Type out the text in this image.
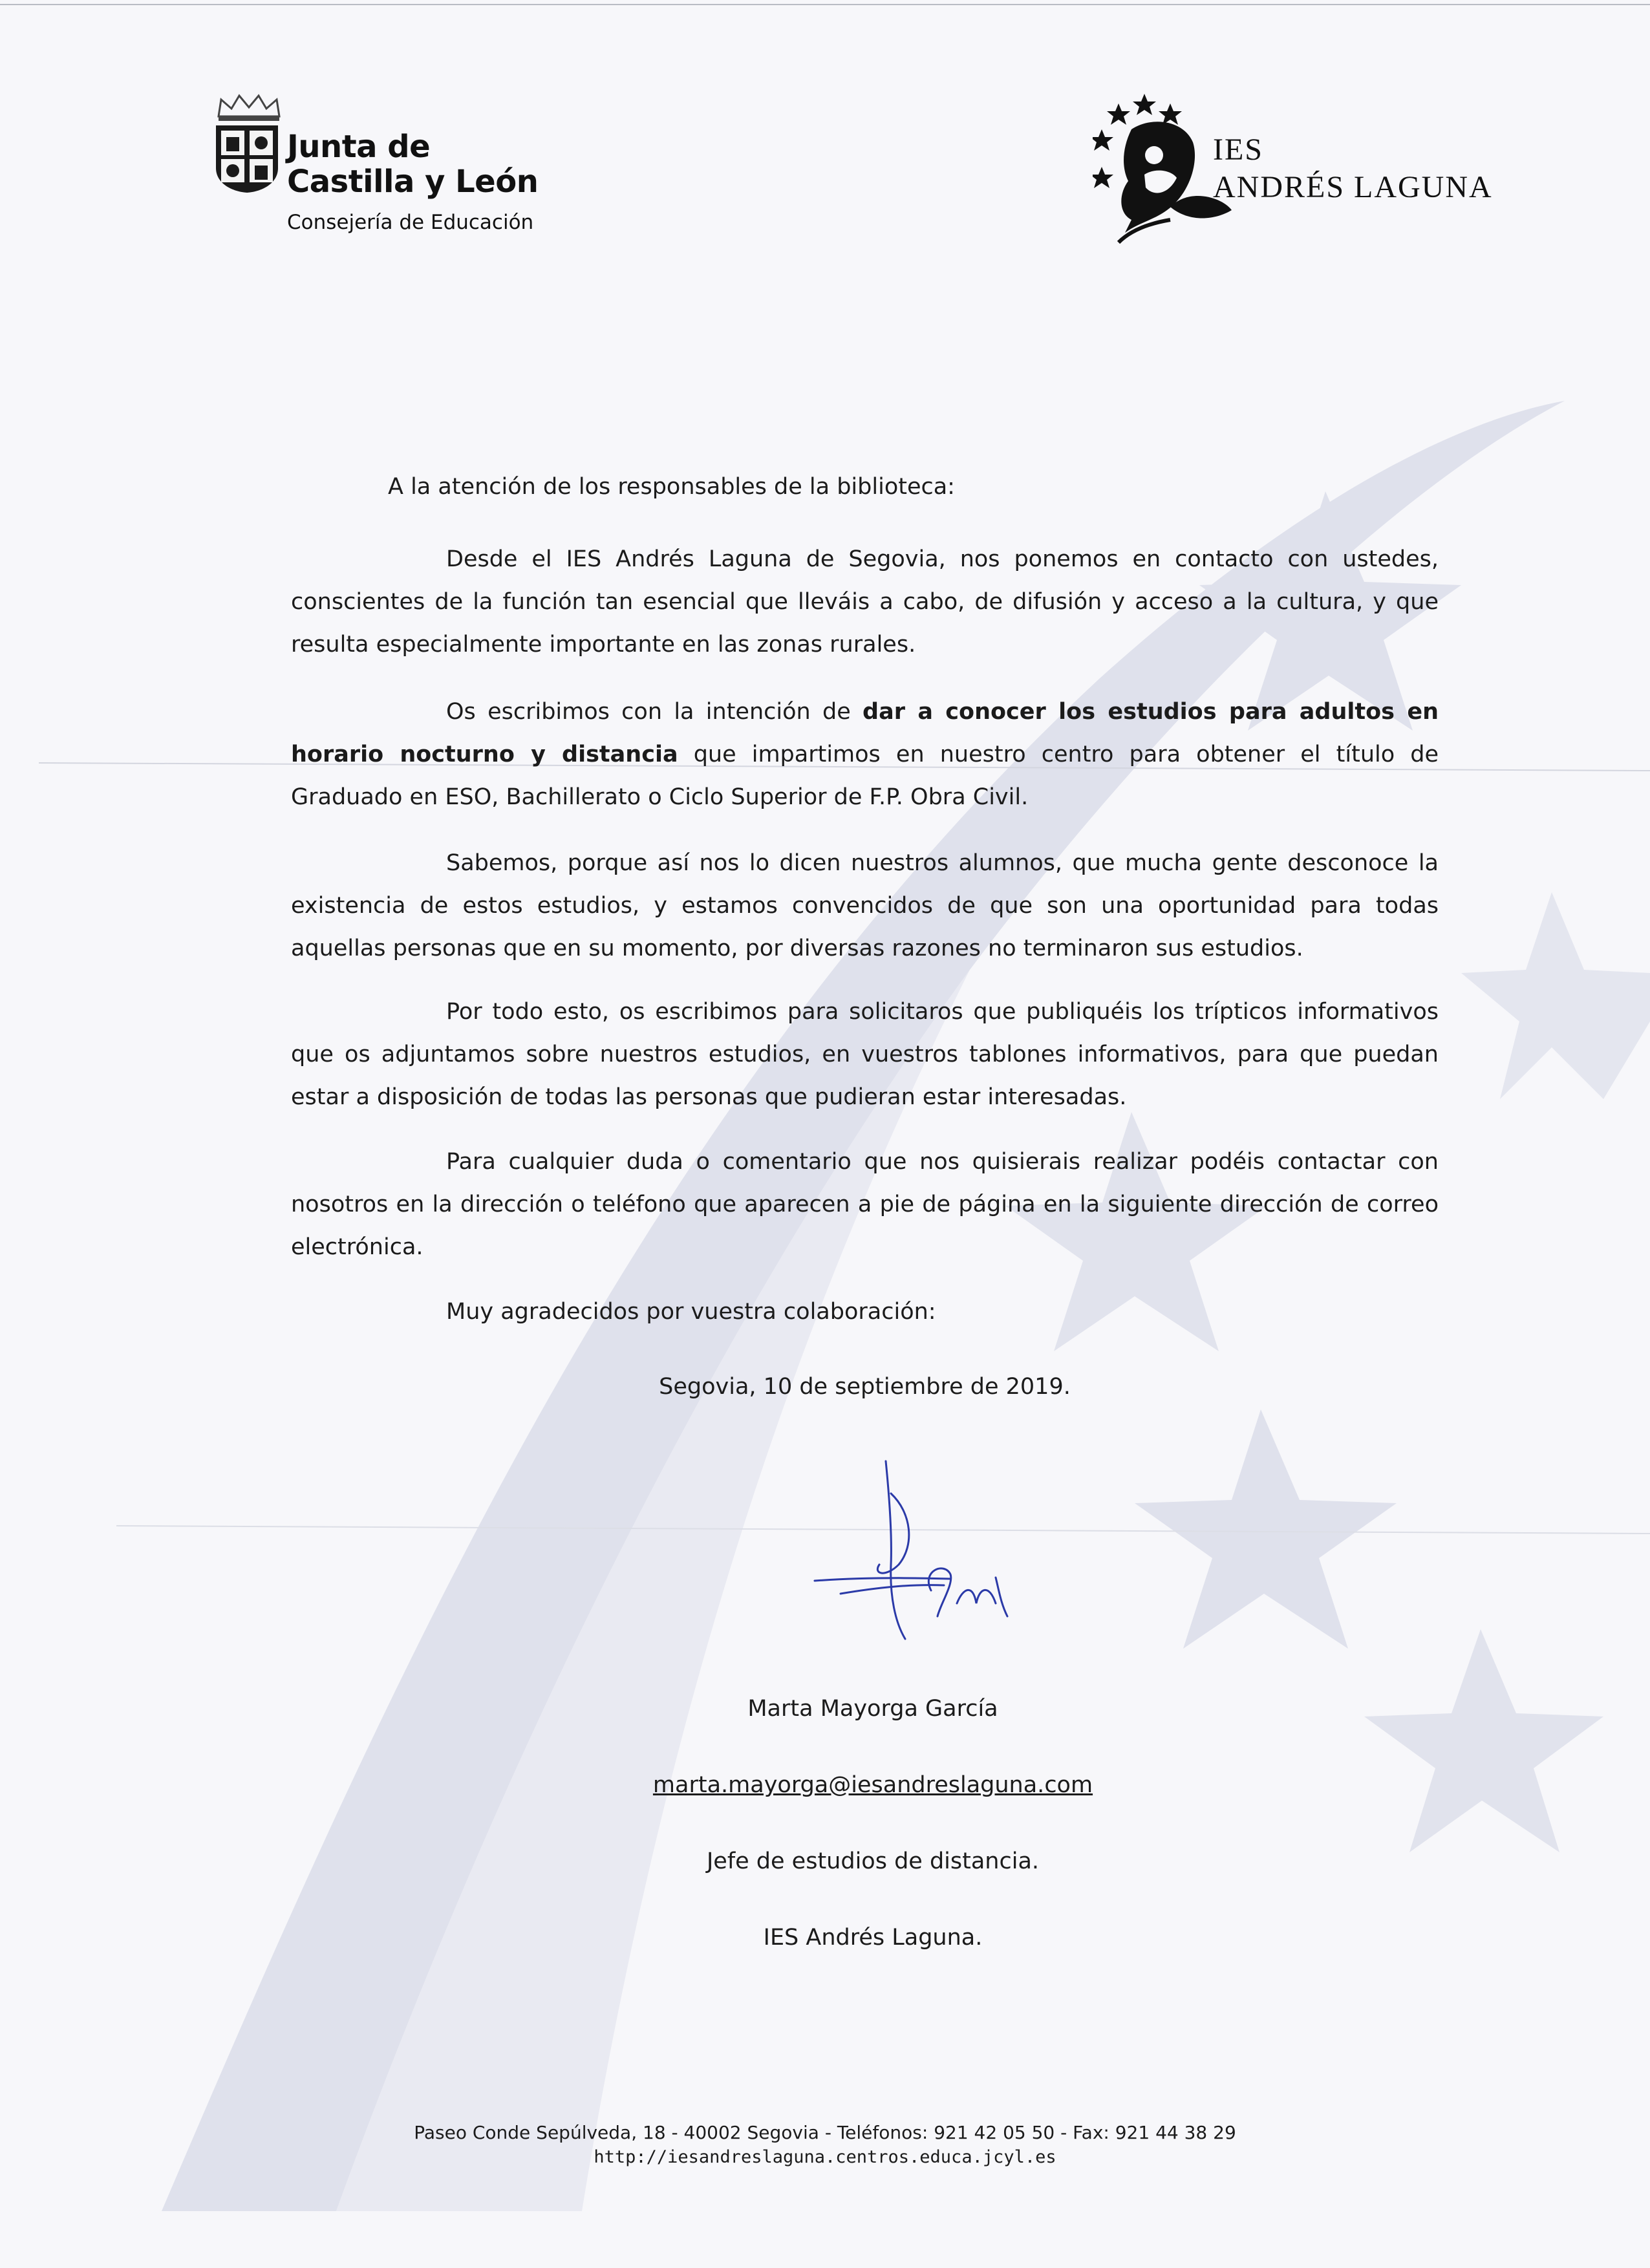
Junta de
Castilla y León
Consejería de Educación
IES
ANDRÉS LAGUNA

A la atención de los responsables de la biblioteca:

Desde el IES Andrés Laguna de Segovia, nos ponemos en contacto con ustedes, conscientes de la función tan esencial que lleváis a cabo, de difusión y acceso a la cultura, y que resulta especialmente importante en las zonas rurales.

Os escribimos con la intención de dar a conocer los estudios para adultos en horario nocturno y distancia que impartimos en nuestro centro para obtener el título de Graduado en ESO, Bachillerato o Ciclo Superior de F.P. Obra Civil.

Sabemos, porque así nos lo dicen nuestros alumnos, que mucha gente desconoce la existencia de estos estudios, y estamos convencidos de que son una oportunidad para todas aquellas personas que en su momento, por diversas razones no terminaron sus estudios.

Por todo esto, os escribimos para solicitaros que publiquéis los trípticos informativos que os adjuntamos sobre nuestros estudios, en vuestros tablones informativos, para que puedan estar a disposición de todas las personas que pudieran estar interesadas.

Para cualquier duda o comentario que nos quisierais realizar podéis contactar con nosotros en la dirección o teléfono que aparecen a pie de página en la siguiente dirección de correo electrónica.

Muy agradecidos por vuestra colaboración:

Segovia, 10 de septiembre de 2019.

Marta Mayorga García
marta.mayorga@iesandreslaguna.com
Jefe de estudios de distancia.
IES Andrés Laguna.
Paseo Conde Sepúlveda, 18 - 40002 Segovia - Teléfonos: 921 42 05 50 - Fax: 921 44 38 29
http://iesandreslaguna.centros.educa.jcyl.es
